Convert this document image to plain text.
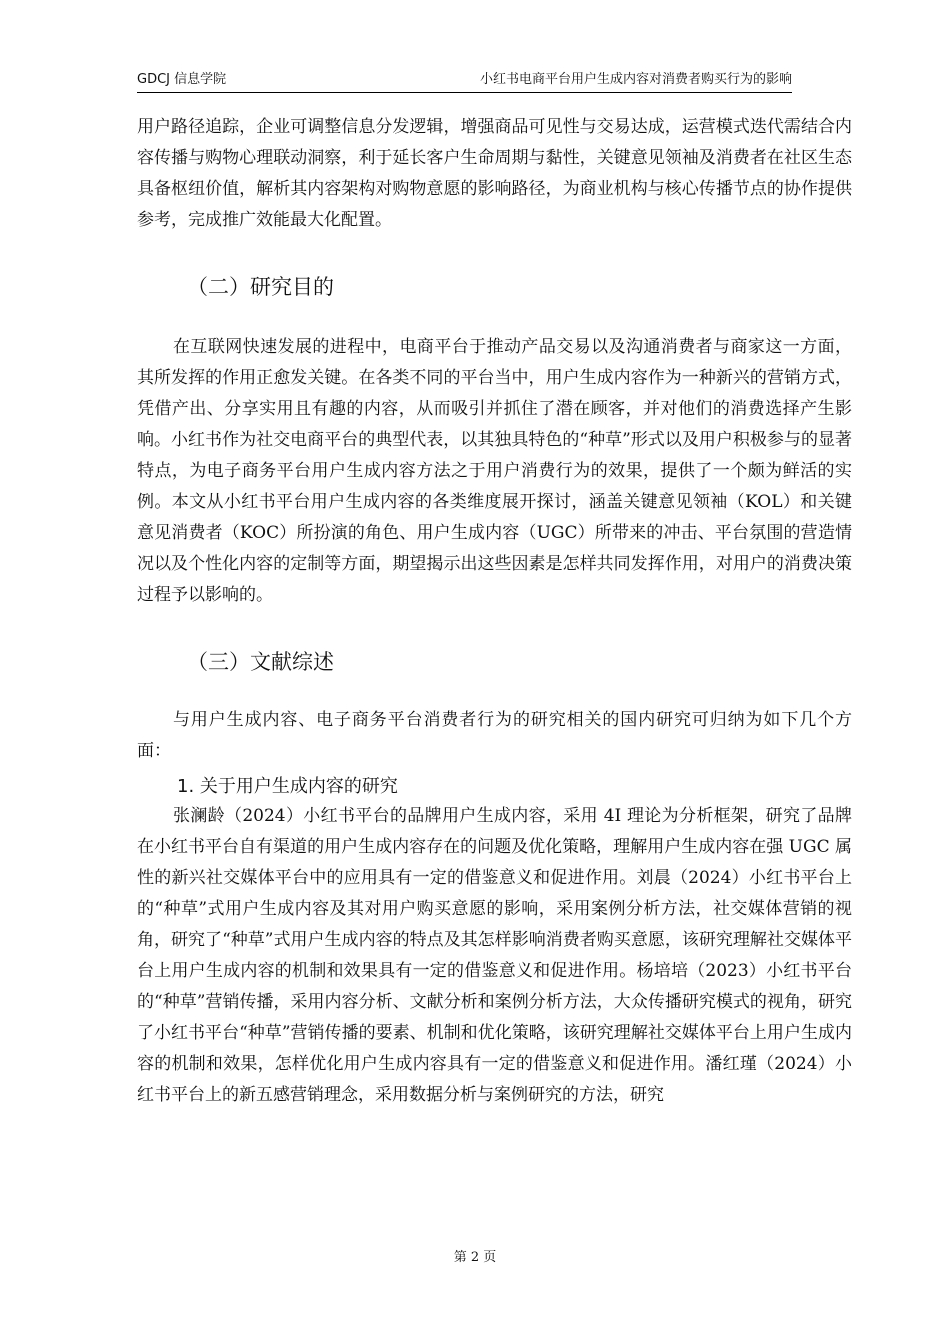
GDCJ 信息学院	小红书电商平台用户生成内容对消费者购买行为的影响

用户路径追踪，企业可调整信息分发逻辑，增强商品可见性与交易达成，运营模式迭代需结合内容传播与购物心理联动洞察，利于延长客户生命周期与黏性，关键意见领袖及消费者在社区生态具备枢纽价值，解析其内容架构对购物意愿的影响路径，为商业机构与核心传播节点的协作提供参考，完成推广效能最大化配置。

（二）研究目的

在互联网快速发展的进程中，电商平台于推动产品交易以及沟通消费者与商家这一方面，其所发挥的作用正愈发关键。在各类不同的平台当中，用户生成内容作为一种新兴的营销方式，凭借产出、分享实用且有趣的内容，从而吸引并抓住了潜在顾客，并对他们的消费选择产生影响。小红书作为社交电商平台的典型代表，以其独具特色的“种草”形式以及用户积极参与的显著特点，为电子商务平台用户生成内容方法之于用户消费行为的效果，提供了一个颇为鲜活的实例。本文从小红书平台用户生成内容的各类维度展开探讨，涵盖关键意见领袖（KOL）和关键意见消费者（KOC）所扮演的角色、用户生成内容（UGC）所带来的冲击、平台氛围的营造情况以及个性化内容的定制等方面，期望揭示出这些因素是怎样共同发挥作用，对用户的消费决策过程予以影响的。

（三）文献综述

与用户生成内容、电子商务平台消费者行为的研究相关的国内研究可归纳为如下几个方面：

1. 关于用户生成内容的研究

张澜龄（2024）小红书平台的品牌用户生成内容，采用 4I 理论为分析框架，研究了品牌在小红书平台自有渠道的用户生成内容存在的问题及优化策略，理解用户生成内容在强 UGC 属性的新兴社交媒体平台中的应用具有一定的借鉴意义和促进作用。刘晨（2024）小红书平台上的“种草”式用户生成内容及其对用户购买意愿的影响，采用案例分析方法，社交媒体营销的视角，研究了“种草”式用户生成内容的特点及其怎样影响消费者购买意愿，该研究理解社交媒体平台上用户生成内容的机制和效果具有一定的借鉴意义和促进作用。杨培培（2023）小红书平台的“种草”营销传播，采用内容分析、文献分析和案例分析方法，大众传播研究模式的视角，研究了小红书平台“种草”营销传播的要素、机制和优化策略，该研究理解社交媒体平台上用户生成内容的机制和效果，怎样优化用户生成内容具有一定的借鉴意义和促进作用。潘红瑾（2024）小红书平台上的新五感营销理念，采用数据分析与案例研究的方法，研究

第 2 页
